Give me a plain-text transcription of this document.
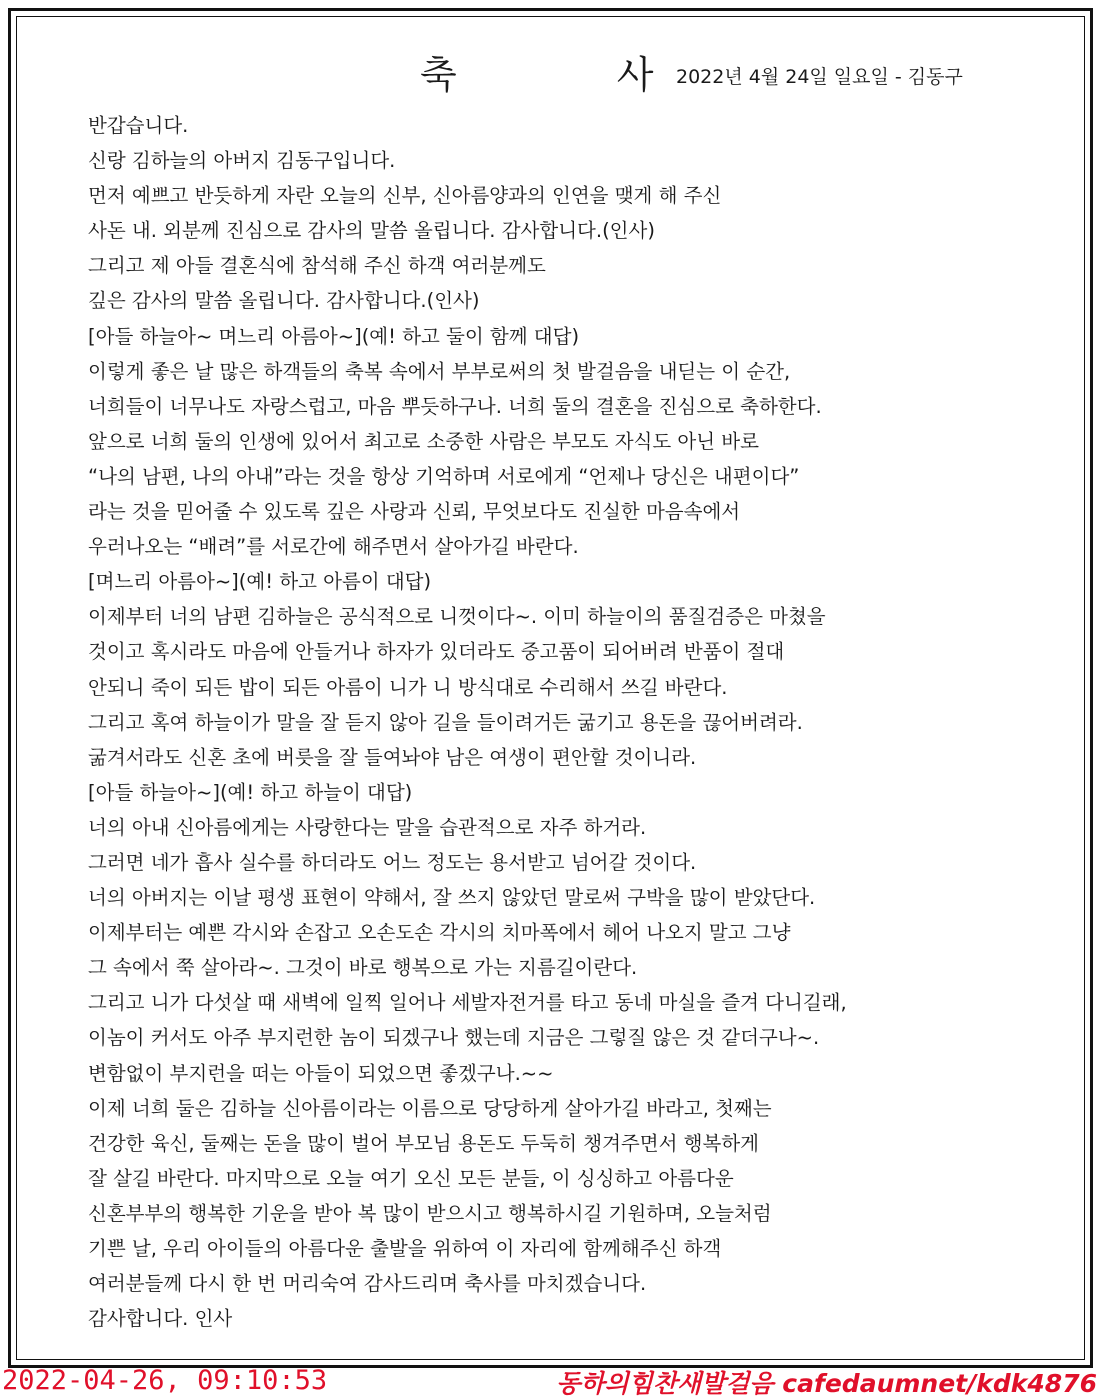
축 사
2022년 4월 24일 일요일 - 김동구
반갑습니다.
신랑 김하늘의 아버지 김동구입니다.
먼저 예쁘고 반듯하게 자란 오늘의 신부, 신아름양과의 인연을 맺게 해 주신
사돈 내. 외분께 진심으로 감사의 말씀 올립니다. 감사합니다.(인사)
그리고 제 아들 결혼식에 참석해 주신 하객 여러분께도
깊은 감사의 말씀 올립니다. 감사합니다.(인사)
[아들 하늘아~ 며느리 아름아~](예! 하고 둘이 함께 대답)
이렇게 좋은 날 많은 하객들의 축복 속에서 부부로써의 첫 발걸음을 내딛는 이 순간,
너희들이 너무나도 자랑스럽고, 마음 뿌듯하구나. 너희 둘의 결혼을 진심으로 축하한다.
앞으로 너희 둘의 인생에 있어서 최고로 소중한 사람은 부모도 자식도 아닌 바로
“나의 남편, 나의 아내”라는 것을 항상 기억하며 서로에게 “언제나 당신은 내편이다”
라는 것을 믿어줄 수 있도록 깊은 사랑과 신뢰, 무엇보다도 진실한 마음속에서
우러나오는 “배려”를 서로간에 해주면서 살아가길 바란다.
[며느리 아름아~](예! 하고 아름이 대답)
이제부터 너의 남편 김하늘은 공식적으로 니껏이다~. 이미 하늘이의 품질검증은 마쳤을
것이고 혹시라도 마음에 안들거나 하자가 있더라도 중고품이 되어버려 반품이 절대
안되니 죽이 되든 밥이 되든 아름이 니가 니 방식대로 수리해서 쓰길 바란다.
그리고 혹여 하늘이가 말을 잘 듣지 않아 길을 들이려거든 굶기고 용돈을 끊어버려라.
굶겨서라도 신혼 초에 버릇을 잘 들여놔야 남은 여생이 편안할 것이니라.
[아들 하늘아~](예! 하고 하늘이 대답)
너의 아내 신아름에게는 사랑한다는 말을 습관적으로 자주 하거라.
그러면 네가 흡사 실수를 하더라도 어느 정도는 용서받고 넘어갈 것이다.
너의 아버지는 이날 평생 표현이 약해서, 잘 쓰지 않았던 말로써 구박을 많이 받았단다.
이제부터는 예쁜 각시와 손잡고 오손도손 각시의 치마폭에서 헤어 나오지 말고 그냥
그 속에서 쭉 살아라~. 그것이 바로 행복으로 가는 지름길이란다.
그리고 니가 다섯살 때 새벽에 일찍 일어나 세발자전거를 타고 동네 마실을 즐겨 다니길래,
이놈이 커서도 아주 부지런한 놈이 되겠구나 했는데 지금은 그렇질 않은 것 같더구나~.
변함없이 부지런을 떠는 아들이 되었으면 좋겠구나.~~
이제 너희 둘은 김하늘 신아름이라는 이름으로 당당하게 살아가길 바라고, 첫째는
건강한 육신, 둘째는 돈을 많이 벌어 부모님 용돈도 두둑히 챙겨주면서 행복하게
잘 살길 바란다. 마지막으로 오늘 여기 오신 모든 분들, 이 싱싱하고 아름다운
신혼부부의 행복한 기운을 받아 복 많이 받으시고 행복하시길 기원하며, 오늘처럼
기쁜 날, 우리 아이들의 아름다운 출발을 위하여 이 자리에 함께해주신 하객
여러분들께 다시 한 번 머리숙여 감사드리며 축사를 마치겠습니다.
감사합니다. 인사
2022-04-26, 09:10:53	동하의힘찬새발걸음 cafedaumnet/kdk4876
